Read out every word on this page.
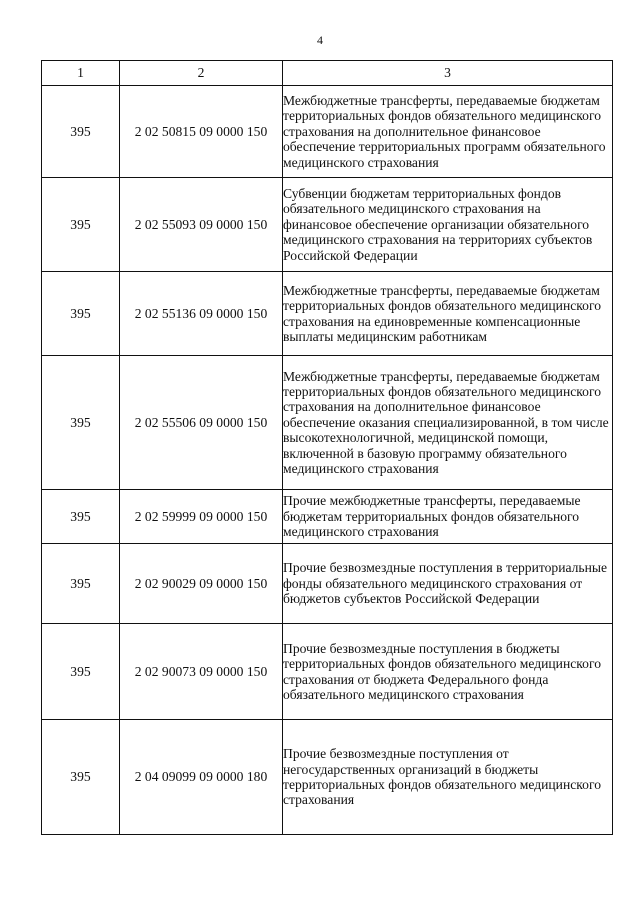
4
1	2	3
395	2 02 50815 09 0000 150	Межбюджетные трансферты, передаваемые бюджетам территориальных фондов обязательного медицинского страхования на дополнительное финансовое обеспечение территориальных программ обязательного медицинского страхования

395	2 02 55093 09 0000 150	Субвенции бюджетам территориальных фондов обязательного медицинского страхования на финансовое обеспечение организации обязательного медицинского страхования на территориях субъектов Российской Федерации

395	2 02 55136 09 0000 150	Межбюджетные трансферты, передаваемые бюджетам территориальных фондов обязательного медицинского страхования на единовременные компенсационные выплаты медицинским работникам

395	2 02 55506 09 0000 150	Межбюджетные трансферты, передаваемые бюджетам территориальных фондов обязательного медицинского страхования на дополнительное финансовое обеспечение оказания специализированной, в том числе высокотехнологичной, медицинской помощи, включенной в базовую программу обязательного медицинского страхования

395	2 02 59999 09 0000 150	Прочие межбюджетные трансферты, передаваемые бюджетам территориальных фондов обязательного медицинского страхования

395	2 02 90029 09 0000 150	Прочие безвозмездные поступления в территориальные фонды обязательного медицинского страхования от бюджетов субъектов Российской Федерации

395	2 02 90073 09 0000 150	Прочие безвозмездные поступления в бюджеты территориальных фондов обязательного медицинского страхования от бюджета Федерального фонда обязательного медицинского страхования

395	2 04 09099 09 0000 180	Прочие безвозмездные поступления от негосударственных организаций в бюджеты территориальных фондов обязательного медицинского страхования
